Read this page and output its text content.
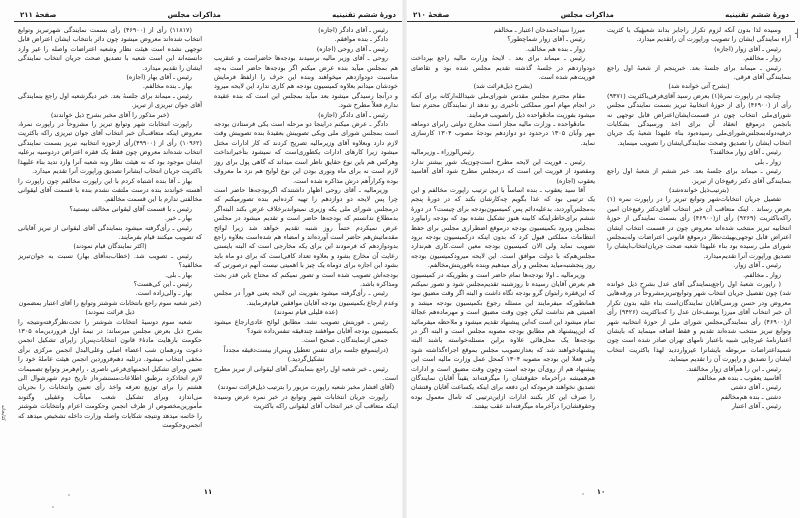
دورهٔ ششم تقنینیه
مذاکرات مجلس
صفحهٔ ۲۱۱

رئیس ـ آقای دادگر (اجازه)

دادگر ـ بنده موافقم.

رئیس ـ آقای روحی (اجازه)

روحی ـ آقای وزیر مالیه نرسیدند بودجه‌ها حاضراست و عنقریب هم بمجلس میآید بنده عرض میکنم اگر بودجه‌ها حاضر است به‌چه مناسبت دودوازدهم میخواهند وبنده این حرف را ازلفظ فرمایش خودشان میدانم بعلاوه کمیسیون بودجه هم کاری ندارد این لایحه میرود و درآنجا رسیدگی میشود بعد میآید بمجلس این است که بنده عقیده ندارم فعلاً مطرح شود.

رئیس ـ آقای دادگر (اجازه)

دادگر ـ عرض میکنم دراینجا دو مرحله است یکی فرستادن بودجه است بمجلس شورای ملی ویکی تصویبش بعقیدهٔ بنده تصویبش وقت لازم دارد وبعلاوه آقای وزیرمالیه تصریح کردند که کار ادارات مختل میشود زیرا کارهای ادارات یکطوری‌است که نمیشود بتأخیرانداخت وهرکس هم باین نوع حقایق ناظر است میداند که گاهی پول برای روز لازم است نه برای ماه ونوری بودن این نوع لوایح هم نزد ما معروف بوده وکراراًهم درش مذاکره شده است.

وزیرمالیه ـ آقای روحی اظهار داشتندکه اگربودجه‌ها حاضر است چرا پس لایحه دو دوازدهم را تهیه کرده‌ایم بنده تصورمیکنم که درمجلس شورای ملی یکه وزیری نمیتواندبرخلاف عرض بکند البته‌اگر بدمطلاع ندانستم که بودجه‌ها حاضر است و تقدیم میشود در مجلس عرض نمیکردم حتماً روز شنبه تقدیم خواهد شد زیرا لوائح مقدماتیش‌هم حاضر است آورده‌اند و امضاء هم شده‌است بعلاوه راجع بدودوازدهم که فرمودند این برای یکه مخارجی است که البته بایستی رعایت آن مخارج بشود و بعلاوه تعداد کافی‌است که برای دو ماه باید بشود این اجازه برای دوماه یک چیز با اهمیتی نیست آنهم درصورتی که بودجه‌اش تصویب شده است و تصور نمیکنم که محتاج باین قدر بحث ومذاکره باشد.

رئیس ـ رأی‌گرفته میشود بفوریت این لایحه یعنی فوراً در مجلس وعدم ارجاع بکمیسیون بودجه آقایان موافقین قیام‌فرمایند.

(عده قلیلی قیام نمودند)

رئیس ـ فوریتش تصویب نشد. مطابق لوائح عادی‌ارجاع میشود بکمیسیون بودجه آقایان موافقند چندقیقه تنفس‌داده شود؟

جمعی ازنمایندگان ـ صحیح است.

(دراینموقع جلسه برای تنفس تعطیل وپس‌از بیست‌دقیقه مجدداً تشکیل‌گردید.)

رئیس ـ خبر شعبه اول راجع بنمایندگی آقای لیقوانی از تبریز مطرح است.

(آقای افشار مخبر شعبه راپورت مزبور را بترتیب ذیل‌قرائت نمودند)

راپورت جریان انتخابات شهر وتوابع در خبر نمره عرض وسیده اینکه متعاقب آن خبر انتخاب آقای لیقوانی راکه باکثریت

(۱۱۸۱۷) رأی از (۴۶۹۰۰) رأی بسمت نمایندگی شهرتبریز وتوابع انتخاب شده‌اند معروض میشود چون دائر بانتخاب ایشان اعتراض قابل توجهی نشده است هیئت نظار وشعبه اعتراضات واصله را غیر وارد دانسته‌اند این است شعبه با تصدیق صحت جریان انتخاب نمایندگی ایشان را تقدیم میدارد.

رئیس ـ آقای بهار (اجازه)

بهار ـ بنده مخالفم.

رئیس ـ میماند برای جلسهٔ بعد. خبر دیگرشعبه اول راجع بنمایندگی آقای جوان تبریزی از تبریز.

(خبر مذکور را آقای مخبر بشرح ذیل خواندند)

راپورت انتخابات شهر وتوابع تبریز را مشروحاً در راپورت نمرهٔ، معروض اینکه متعاقب‌آن خبر انتخاب آقای جوان تبریزی راکه باکثریت (۱۰۹۶۲) رأی از (۴۹۹۰۰)رأی ازحوزه انتخابیه تبریز بسمت نمایندگی انتخاب شده‌اند معروض چون فقط یک فقره اعتراض دردوسیه برعلیه ایشان موجود بود که نه هیئت نظار ونه شعبه آنرا وارد ندید بناء علیهذا باکثریت جریان انتخاب ایشانرا تصدیق وراپورت آنرا تقدیم میدارد.

بهار ـ آقا بنده اشتباه کردم با این راپورت مخالفم چون راپورت را آهسته خواندند بنده درست ملتفت نشدم بنده با قسمت آقای لیقوانی مخالفتی ندارم با این قسمت مخالفم.

رئیس ـ با قسمت آقای لیقوانی مخالف نیستید؟

بهار ـ خیر.

رئیس ـ رأی‌گرفته میشود بنمایندگی آقای لیقوانی از تبریز آقایانی که تصویب میکنند قیام بفرمایند.

(اکثر نمایندگان قیام نمودند)

رئیس ـ تصویب شد. (خطاب‌به‌آقای بهار) نسبت به جوان‌تبریز مخالفید؟

بهار ـ بلی.

رئیس ـ این کی‌هست؟

بهار ـ والی‌زاده است.

(خبر شعبه سوم راجع بانتخابات شوشتر وتوابع را آقای اعتبار بمضمون ذیل قرائت نمودند)

شعبه سوم دوسیهٔ انتخابات شوشتر را تحت‌نظرگرفته‌ونتیجه را بشرح ذیل بعرض مجلس میرساند: در نیمهٔ اول فروردین‌ماه ۱۳۰۵ حکومت بارهایت مادهٔ۶ قانون انتخابات‌پس‌از راپرای تشکیل انجمن دعوت ودرهمان شب اعضاء اصلی وعلی‌البدل انجمن مرکزی برأی مخفی انتخاب میشود. درثلیه دهم‌فروردین انجمن هیئت عاملهٔ خود را تعیین وبرای تشکیل انجمنهای‌فرعی ناصری ، رام‌هرمز وتوابع تصمیمات لازم اتخاذ‌کرد برطبق اطلاعات‌مستشره‌از تاریخ دوم شهرشوال الی هشتم را برای توزیع تعرفه واخذ رأی تعیین وانتخابات را بجریان می‌اندازد وبرای تشکیل شعب میانآب وعقیلی وگتوند مأمورین‌مخصوص از طرف انجمن وحکومت اعزام وانتخابات شوشتر را خاتمه میدهد ونتیجه شکایات واصله وزارت داخله تشخیص میدهد که انجمن‌وحکومت

۱۱
دورهٔ ششم تقنینیه
مذاکرات مجلس
صفحهٔ ۲۱۰

وسیده لذا بدون آنکه لزوم تکرار راجابز بداند شعبهٔیک با کثریت آراء نمایندگی ایشان را تصویب وراپورت آن راتقدیم میدارد.

رئیس ـ آقای زوار (اجازه)

زوار ـ مخالفم.

رئیس ـ میماند برای جلسهٔ بعد. خبرپنجم از شعبهٔ اول راجع بنمایندگی آقای فرقی.

(بشرح آتی خوانده شد)

چنانچه در راپورت نمرهٔ(۱) بعرض رسید آقای‌فرقی‌باکثریت (۹۳۷۱) رأی از (۴۶۹۰۰) رأی از حوزهٔ انتخابیهٔ تبریز بسمت نمایندگی مجلس شورای‌ملی انتخاب چون در قسمت‌ایشان‌اعتراض قابل توجهی نه بانجمن درموقع انعقاد آن برای اخذ ورسیدگی بشکایات درفیه‌دوله‌بمجلس‌شورای‌ملی رسیده‌بود بناء علیهذا شعبهٔ یک جریان انتخاب ایشان را تصدیق وصحت نمایندگی‌ایشان را تصویب مینماید.

رئیس ـ آقای زوار مخالفند؟

زوار ـ بلی

رئیس ـ میماند برای جلسهٔ بعد. خبر ششم از شعبهٔ اول راجع بنمایندگی آقای دکتر رفیع‌خان از تبریز.

(بترتیب‌ذیل خوانده‌شد)

تفصیل جریان انتخابات‌شهر وتوابع تبریز را در راپورت نمره (۱) بعرض رساند . اینک متعاقب آن خبر انتخاب آقای‌دکتر رفیع‌خان امین راکه‌باکثریت (۹۲۶۹) رأی از(۴۶۹۰۰) رأی بسمت نمایندگی از حوزهٔ انتخابیه تبریز منتخب شده‌اند معروض چون در قسمت انتخاب ایشان اعتراض قابل توجهی‌بهیئت‌نظار درموقع قانونی اعتراضات وله‌بمجلس شورای ملی رسیده بود بناء علیهذا شعبه صحت جریان‌انتخاب‌ایشان را تصدیق وراپورت آنرا تقدیم‌میدارد.

رئیس ـ آقای زوار.

زوار ـ مخالفم.

( راپورت شعبهٔ اول راجع‌بنمایندگی آقای عدل بشرح ذیل خوانده شد) چون تفصیل جریان انتخاب شهر وتوابع‌تبریز‌مشروحاً در ورقه‌هایی معروض ودر حسن ورسی‌آقایان نمایندگان‌است بناء علیه بدون تکرار آن خبر انتخاب آقای میرزا یوسف‌خان عدل را که‌باکثریت (۹۴۲۶) رأی از(۴۶۹۰۰) رأی بنمایندگی‌مجلس شورای ملی از حوزهٔ انتخابیه شهر وتوابع تبریز منتخب شده‌اند تقدیم و فقط اضافه مینماید که بایشان اعتبارنامهٔ غیرچاپی شبیه باعتبار نامهای تهران صادر شده است چون شمیداعتراضات مربوطه بایشانرا غیروارددید لهذا باکثریت انتخاب ایشان را تصدیق و راپورت آن را تقدیم مینماید.

رئیس ـ این را هم‌آقای زوار مخالفند.

آقاسید یعقوب ـ بنده هم مخالفم

رئیس ـ آقای دشتی

دشتی ـ بنده هم‌مخالفم

رئیس ـ آقای اعتبار

میرزا سیداحمدخان اعتبار ـ مخالفم

رئیس ـ آقای زوار شماچطور؟

زوار ـ بنده هم مخالف.

رئیس ـ میماند برای بعد . لایحهٔ وزارت مالیه راجع بپرداخت دودوازدهم در جلسهٔ گذشته تقدیم مجلس شده بود و تقاضای فوریت‌هم شده است.

(بشرح ذیل‌قرائت شد)

مقام محترم مجلس مقدس شورای‌ملی شیدالله‌ارکانه برای آنکه در انجام مهام امور مملکتی تأخیری رو ندهد از نمایندگان محترم تمنا میشود بفوریت مادهٔواحده ذیل راتصویب فرمایند.

مادهٔواحده ـ وزارت مالیه مجاز است مخارج دولتی رابرای دوماهه مهر وآبان ۱۳۰۵ درحدود دو دوازدهم بودجهٔ مصوب ۱۳۰۴ کارسازی نماید.

رئیس‌الوزراء ـ وزیرمالیه

رئیس ـ فوریت این لایحه مطرح است‌چون‌یک شور بیشتر ندارد ومقصود از فوریت این است که درمجلس مطرح شود آقای آقاسید یعقوب (اجازه)

آقا سید یعقوب ـ بنده اساساً با این ترتیب راپورت مخالفم و این یک ترتیبی بود که عذا بگویم چه‌کارشان بکند که در دورهٔ پنجم به‌مجلس‌آوردند، بدعلیه‌دائم پس کمیسیون‌بودجه برای چیست؟ در دورهٔ ششم برای‌خاطراینکه کابینه هنوز تشکیل نشده بود که بودجه رابیاورد بمجلس وبرود بکمیسیون بودجه درموقع اضطراری مجلس برای حفظ انتظامات مملکتی قبول کرد که بدون اینکه درکمیسیون بودجه برود تصویب نماید ولی الان کمیسیون بودجه معین است.کاری هم‌ندارد مجلس‌هم‌که با دولت موافق است. این لایحه میرودکمیسیون بودجه روز پنجشنبه‌میاید بمجلس و رأی میدهیم وبنده بافوریتش‌مخالفم.

وزیرمالیه ـ اولا بودجه‌ها تمام حاضر است و بطوریکه در کمیسیون هم بعرض آقایان رسیده تا روزشنبه تقدیم‌مجلس شود و تصور نمیکنم که این‌فقره رابتوان گرو بودجه نگاه داشت و البته اگر وقت مضیق نبود همانطورکه میفرمایند این مسئله رجوع بکمیسیون بودجه میشد و اهمیتی هم نداشت لیکن چون وقت مضیق است و مهرماده‌هم عجالة تمام میشود این است که‌این پیشنهاد تقدیم میشود و ملاحظه میفرمائید که این‌پیشنهاد هم مطابق بودجه مصوبه مجلس است و البته اگر در بودجه‌ها یک محل‌هائی علاوه براین مسئله‌خواسته باشند البته پیشنهاد‌خواهند شد که بعدازتصویب مجلس بموقع اجراءگذاشته شود ولی فعلا این بودجه مصوبه ۱۳۰۴ کمحل عمل وزارت مالیه است این پیشنهاد هم از روی‌آن بودجه است وچون وقت مضیق است و ادارات هم‌همیشه درآخرماه حقوقشان را میگرفته‌اند یقیناً آقایان نمایندگان تصدیق نخواهند فرمودکه این دفعه برای اینکه یکساعت آقایان وقتشان را صرف این کار بکنند ادارات ازاین‌ترتیبی که تامال معمول بوده وحقوقشان‌را درآخرماه میگرفته‌اند عقب بیفتند.

۱۰
کتابخانه
┤
